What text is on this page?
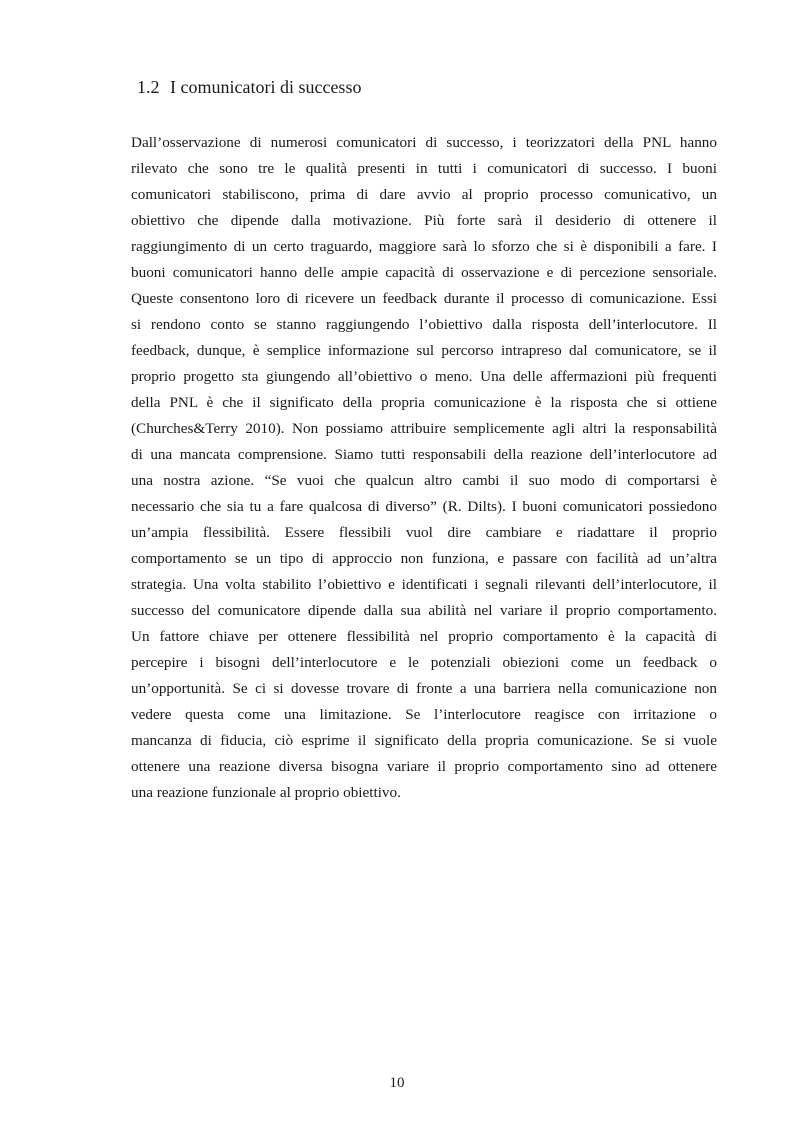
1.2 I comunicatori di successo
Dall’osservazione di numerosi comunicatori di successo, i teorizzatori della PNL hanno
rilevato che sono tre le qualità presenti in tutti i comunicatori di successo. I buoni
comunicatori stabiliscono, prima di dare avvio al proprio processo comunicativo, un
obiettivo che dipende dalla motivazione. Più forte sarà il desiderio di ottenere il
raggiungimento di un certo traguardo, maggiore sarà lo sforzo che si è disponibili a fare. I
buoni comunicatori hanno delle ampie capacità di osservazione e di percezione sensoriale.
Queste consentono loro di ricevere un feedback durante il processo di comunicazione. Essi
si rendono conto se stanno raggiungendo l’obiettivo dalla risposta dell’interlocutore. Il
feedback, dunque, è semplice informazione sul percorso intrapreso dal comunicatore, se il
proprio progetto sta giungendo all’obiettivo o meno. Una delle affermazioni più frequenti
della PNL è che il significato della propria comunicazione è la risposta che si ottiene
(Churches&Terry 2010). Non possiamo attribuire semplicemente agli altri la responsabilità
di una mancata comprensione. Siamo tutti responsabili della reazione dell’interlocutore ad
una nostra azione. “Se vuoi che qualcun altro cambi il suo modo di comportarsi è
necessario che sia tu a fare qualcosa di diverso” (R. Dilts). I buoni comunicatori possiedono
un’ampia flessibilità. Essere flessibili vuol dire cambiare e riadattare il proprio
comportamento se un tipo di approccio non funziona, e passare con facilità ad un’altra
strategia. Una volta stabilito l’obiettivo e identificati i segnali rilevanti dell’interlocutore, il
successo del comunicatore dipende dalla sua abilità nel variare il proprio comportamento.
Un fattore chiave per ottenere flessibilità nel proprio comportamento è la capacità di
percepire i bisogni dell’interlocutore e le potenziali obiezioni come un feedback o
un’opportunità. Se ci si dovesse trovare di fronte a una barriera nella comunicazione non
vedere questa come una limitazione. Se l’interlocutore reagisce con irritazione o
mancanza di fiducia, ciò esprime il significato della propria comunicazione. Se si vuole
ottenere una reazione diversa bisogna variare il proprio comportamento sino ad ottenere
una reazione funzionale al proprio obiettivo.
10
